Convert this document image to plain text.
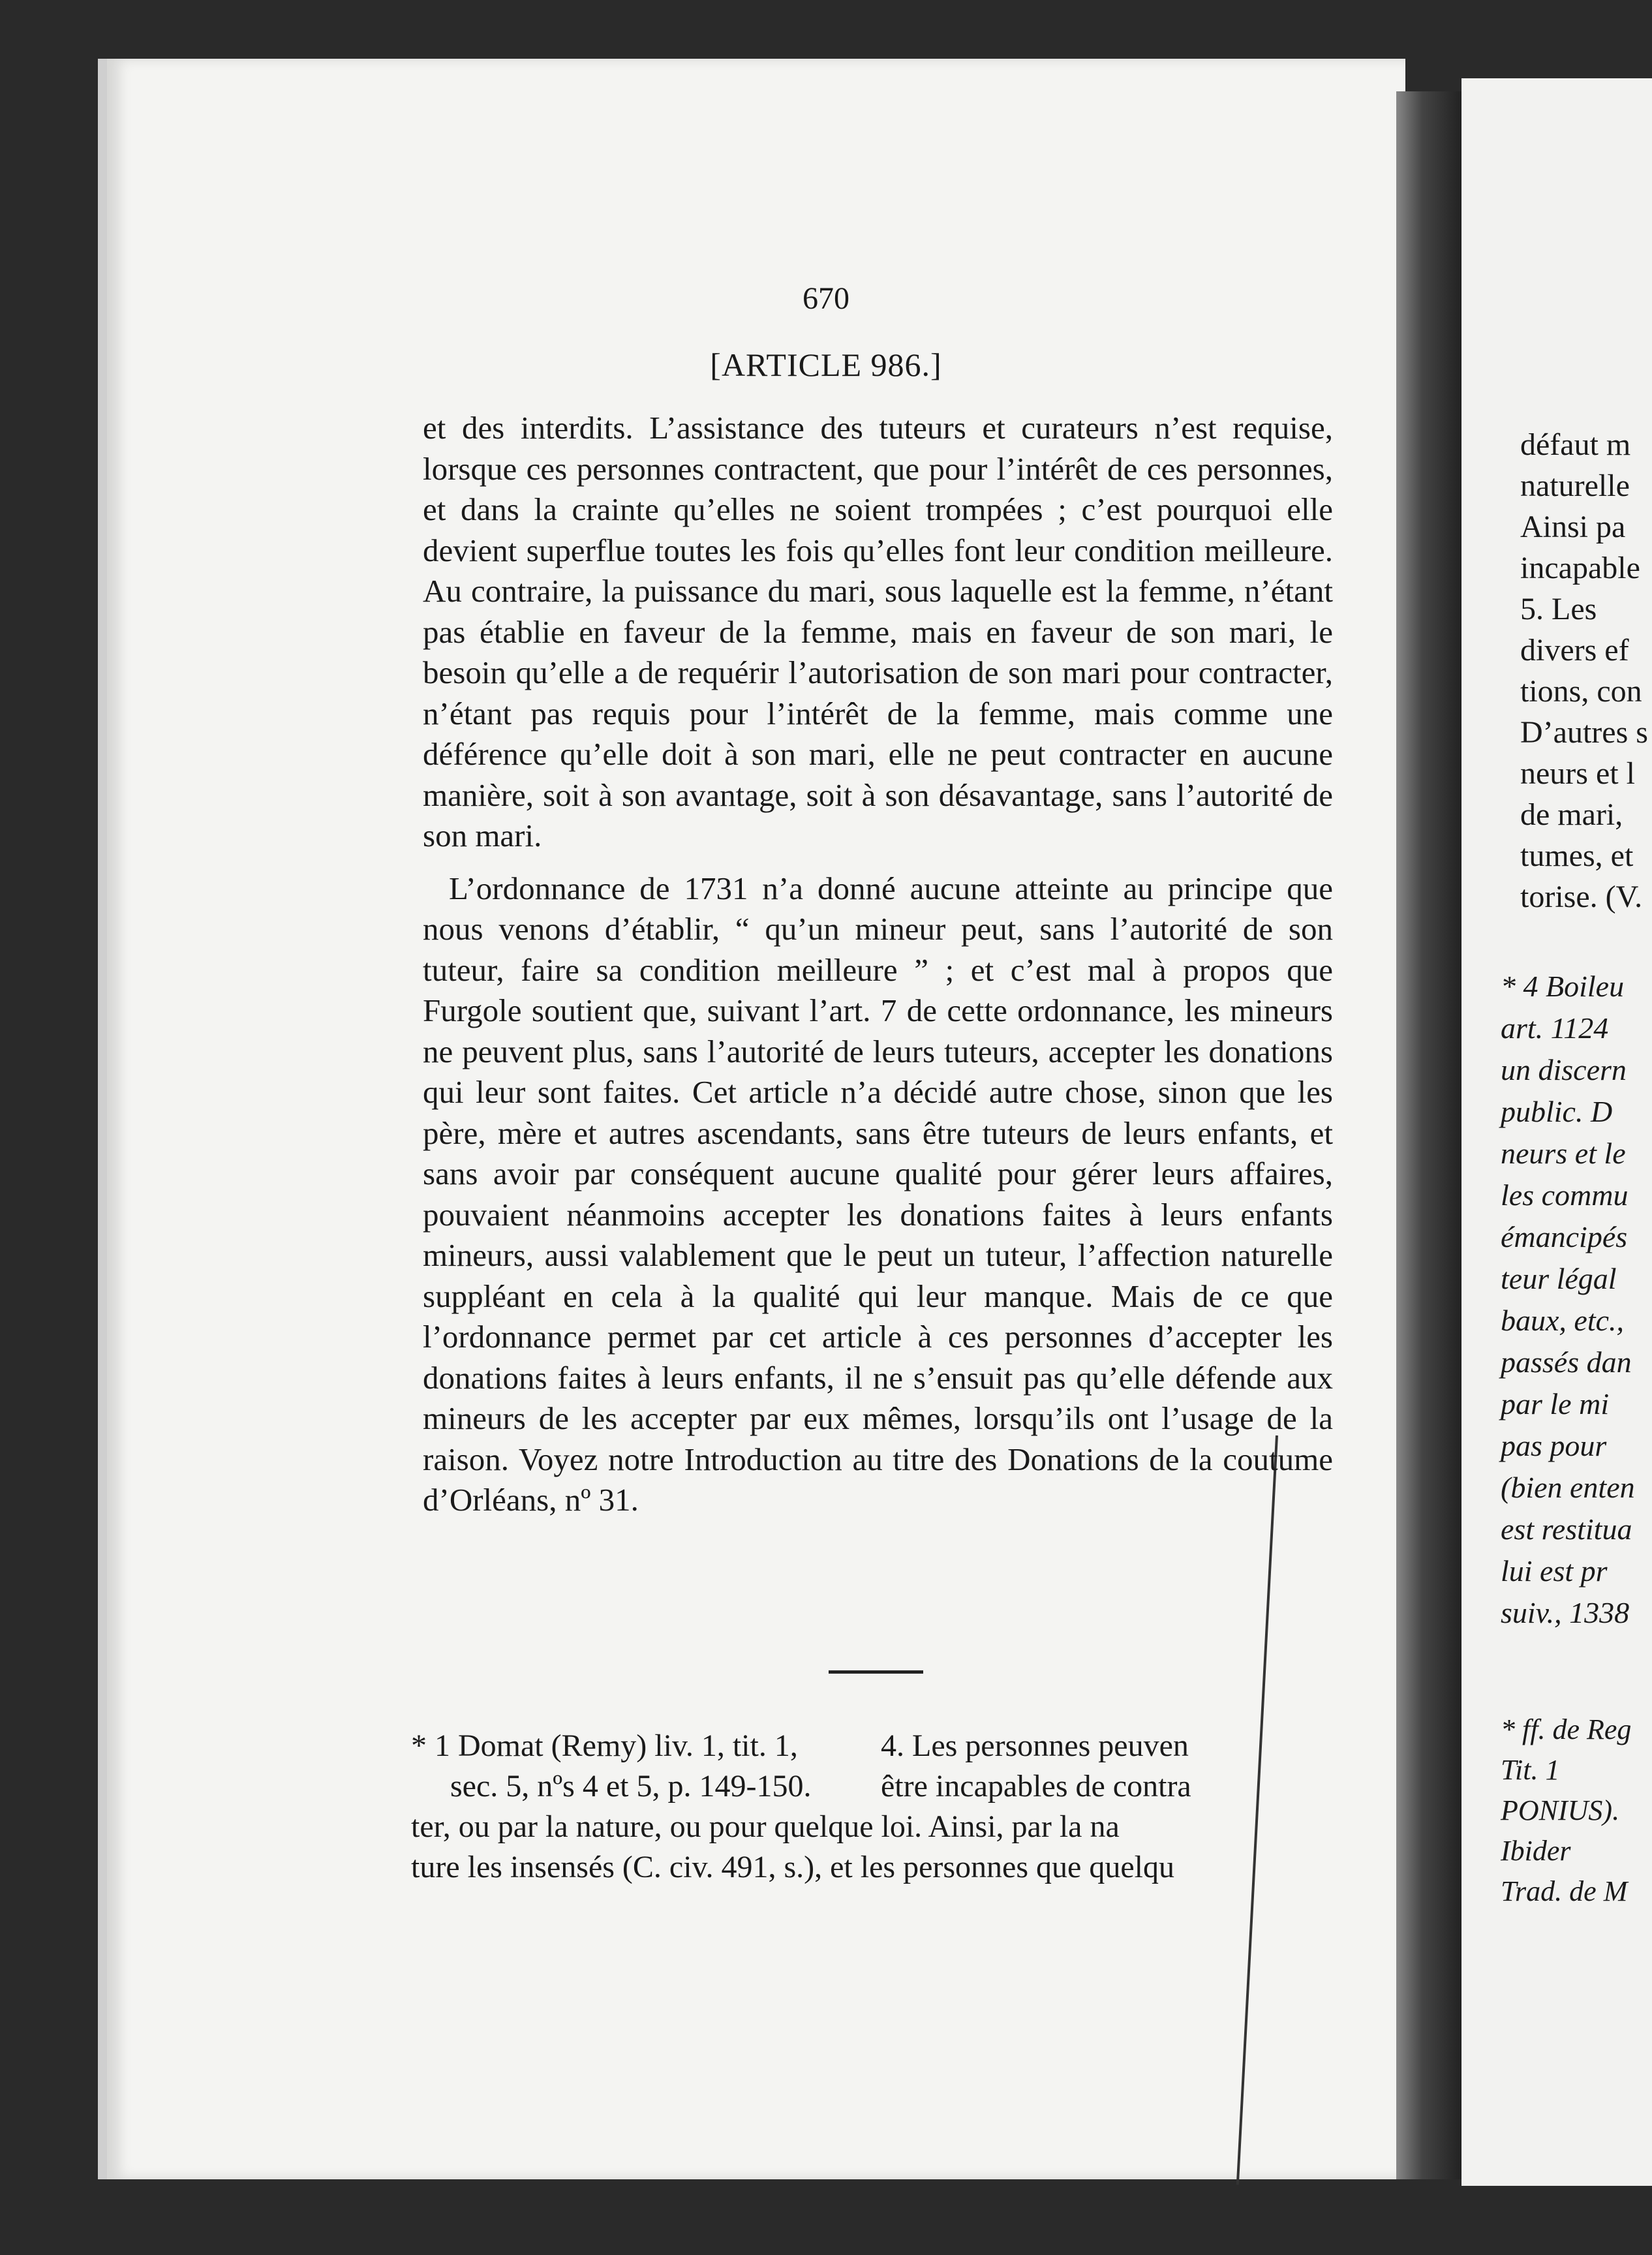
670
[ARTICLE 986.]

et des interdits. L’assistance des tuteurs et curateurs n’est requise, lorsque ces personnes contractent, que pour l’intérêt de ces personnes, et dans la crainte qu’elles ne soient trompées ; c’est pourquoi elle devient superflue toutes les fois qu’elles font leur condition meilleure. Au contraire, la puissance du mari, sous laquelle est la femme, n’étant pas établie en faveur de la femme, mais en faveur de son mari, le besoin qu’elle a de requérir l’autorisation de son mari pour contracter, n’étant pas requis pour l’intérêt de la femme, mais comme une déférence qu’elle doit à son mari, elle ne peut contracter en aucune manière, soit à son avantage, soit à son désavantage, sans l’autorité de son mari.

L’ordonnance de 1731 n’a donné aucune atteinte au principe que nous venons d’établir, “ qu’un mineur peut, sans l’autorité de son tuteur, faire sa condition meilleure ” ; et c’est mal à propos que Furgole soutient que, suivant l’art. 7 de cette ordonnance, les mineurs ne peuvent plus, sans l’autorité de leurs tuteurs, accepter les donations qui leur sont faites. Cet article n’a décidé autre chose, sinon que les père, mère et autres ascendants, sans être tuteurs de leurs enfants, et sans avoir par conséquent aucune qualité pour gérer leurs affaires, pouvaient néanmoins accepter les donations faites à leurs enfants mineurs, aussi valablement que le peut un tuteur, l’affection naturelle suppléant en cela à la qualité qui leur manque. Mais de ce que l’ordonnance permet par cet article à ces personnes d’accepter les donations faites à leurs enfants, il ne s’ensuit pas qu’elle défende aux mineurs de les accepter par eux mêmes, lorsqu’ils ont l’usage de la raison. Voyez notre Introduction au titre des Donations de la coutume d’Orléans, nº 31.

* 1 Domat (Remy) liv. 1, tit. 1,
sec. 5, nºs 4 et 5, p. 149-150.
4. Les personnes peuven
être incapables de contra
ter, ou par la nature, ou pour quelque loi. Ainsi, par la na
ture les insensés (C. civ. 491, s.), et les personnes que quelqu
défaut m
naturelle
Ainsi pa
incapable
5. Les
divers ef
tions, con
D’autres s
neurs et l
de mari,
tumes, et
torise. (V.
* 4 Boileu
art. 1124
un discern
public. D
neurs et le
les commu
émancipés
teur légal
baux, etc.,
passés dan
par le mi
pas pour
(bien enten
est restitua
lui est pr
suiv., 1338
* ff. de Reg
Tit. 1
PONIUS).
Ibider
Trad. de M
